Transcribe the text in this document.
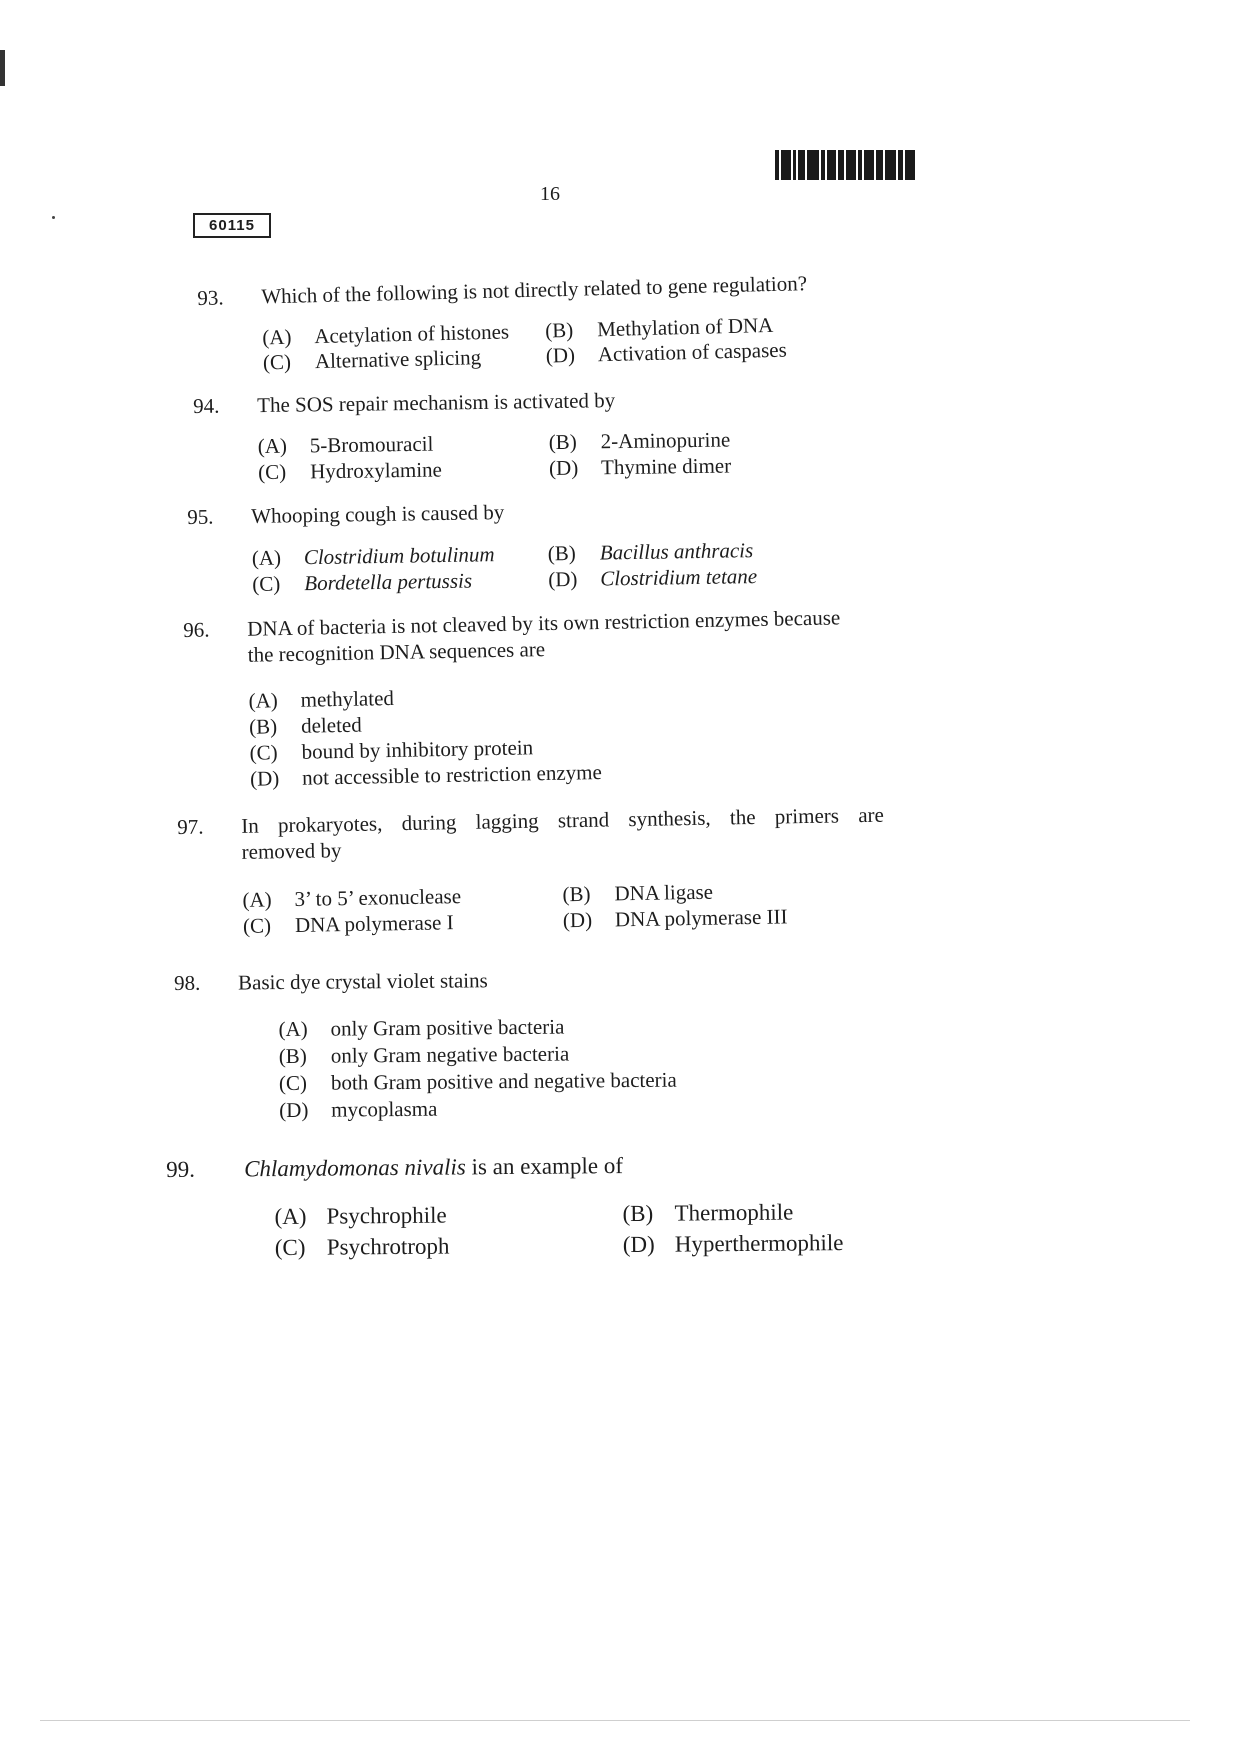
16
60115
93.	Which of the following is not directly related to gene regulation?
(A) Acetylation of histones (B) Methylation of DNA
(C) Alternative splicing	(D) Activation of caspases
94.	The SOS repair mechanism is activated by
(A) 5-Bromouracil	(B) 2-Aminopurine
(C) Hydroxylamine	(D) Thymine dimer
95.	Whooping cough is caused by
(A) Clostridium botulinum	(B) Bacillus anthracis
(C) Bordetella pertussis	(D) Clostridium tetane
96.	DNA of bacteria is not cleaved by its own restriction enzymes because
the recognition DNA sequences are
(A) methylated
(B) deleted
(C) bound by inhibitory protein
(D) not accessible to restriction enzyme
97.	In prokaryotes, during lagging strand synthesis, the primers are
removed by
(A) 3’ to 5’ exonuclease	(B) DNA ligase
(C) DNA polymerase I	(D) DNA polymerase III
98.	Basic dye crystal violet stains
(A) only Gram positive bacteria
(B) only Gram negative bacteria
(C) both Gram positive and negative bacteria
(D) mycoplasma
99.	Chlamydomonas nivalis is an example of
(A) Psychrophile	(B) Thermophile
(C) Psychrotroph	(D) Hyperthermophile
